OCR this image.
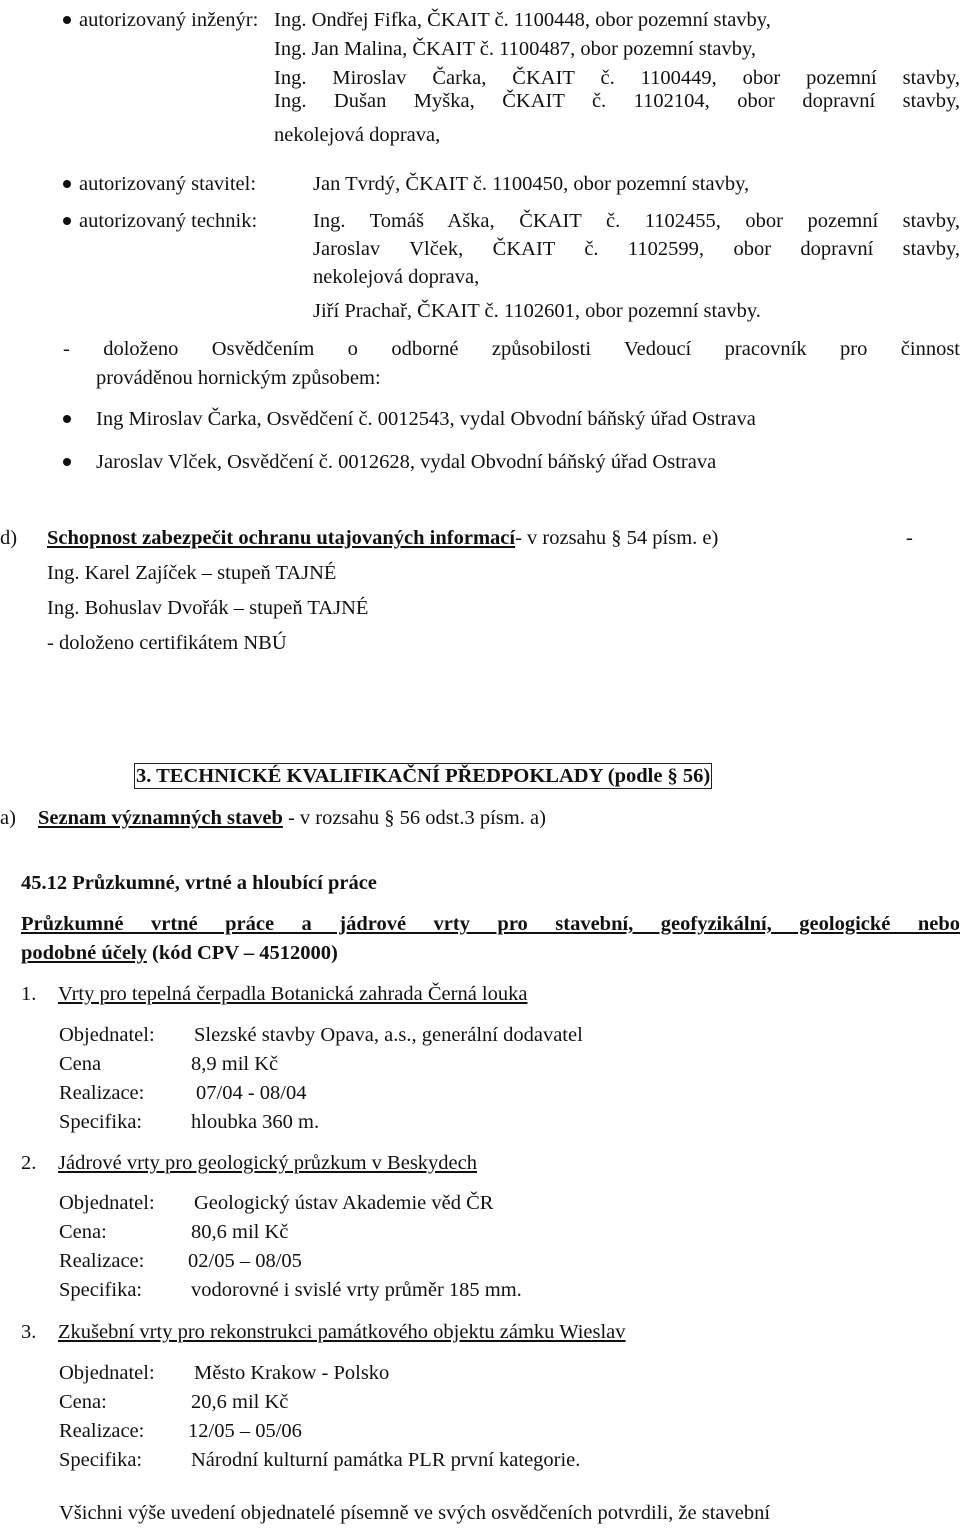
autorizovaný inženýr: Ing. Ondřej Fifka, ČKAIT č. 1100448, obor pozemní stavby,
Ing. Jan Malina, ČKAIT č. 1100487, obor pozemní stavby,
Ing. Miroslav Čarka, ČKAIT č. 1100449, obor pozemní stavby,
Ing. Dušan Myška, ČKAIT č. 1102104, obor dopravní stavby,
nekolejová doprava,
autorizovaný stavitel:	Jan Tvrdý, ČKAIT č. 1100450, obor pozemní stavby,
autorizovaný technik:	Ing. Tomáš Aška, ČKAIT č. 1102455, obor pozemní stavby,
Jaroslav Vlček, ČKAIT č. 1102599, obor dopravní stavby,
nekolejová doprava,
Jiří Prachař, ČKAIT č. 1102601, obor pozemní stavby.
- doloženo Osvědčením o odborné způsobilosti Vedoucí pracovník pro činnost
prováděnou hornickým způsobem:
Ing Miroslav Čarka, Osvědčení č. 0012543, vydal Obvodní báňský úřad Ostrava
Jaroslav Vlček, Osvědčení č. 0012628, vydal Obvodní báňský úřad Ostrava
d) Schopnost zabezpečit ochranu utajovaných informací- v rozsahu § 54 písm. e)	-
Ing. Karel Zajíček – stupeň TAJNÉ
Ing. Bohuslav Dvořák – stupeň TAJNÉ
- doloženo certifikátem NBÚ
3. TECHNICKÉ KVALIFIKAČNÍ PŘEDPOKLADY (podle § 56)
a) Seznam významných staveb - v rozsahu § 56 odst.3 písm. a)
45.12 Průzkumné, vrtné a hloubící práce
Průzkumné vrtné práce a jádrové vrty pro stavební, geofyzikální, geologické nebo
podobné účely (kód CPV – 4512000)
1. Vrty pro tepelná čerpadla Botanická zahrada Černá louka
Objednatel: Slezské stavby Opava, a.s., generální dodavatel
Cena	8,9 mil Kč
Realizace:	07/04 - 08/04
Specifika: hloubka 360 m.
2. Jádrové vrty pro geologický průzkum v Beskydech
Objednatel: Geologický ústav Akademie věd ČR
Cena:	80,6 mil Kč
Realizace: 02/05 – 08/05
Specifika: vodorovné i svislé vrty průměr 185 mm.
3. Zkušební vrty pro rekonstrukci památkového objektu zámku Wieslav
Objednatel: Město Krakow - Polsko
Cena:	20,6 mil Kč
Realizace: 12/05 – 05/06
Specifika: Národní kulturní památka PLR první kategorie.
Všichni výše uvedení objednatelé písemně ve svých osvědčeních potvrdili, že stavební
